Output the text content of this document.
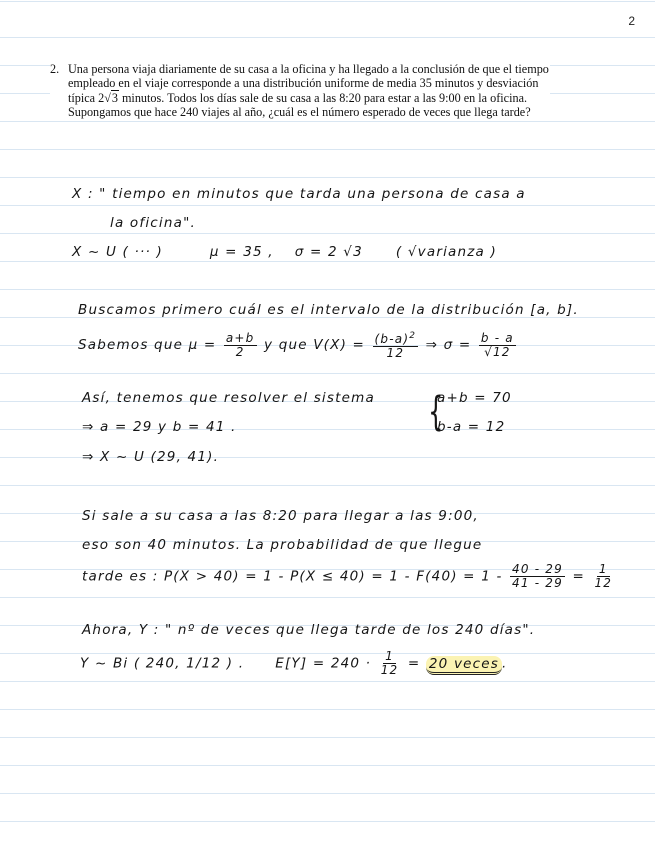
2
2. Una persona viaja diariamente de su casa a la oficina y ha llegado a la conclusión de que el tiempo empleado en el viaje corresponde a una distribución uniforme de media 35 minutos y desviación típica 2√3 minutos. Todos los días sale de su casa a las 8:20 para estar a las 9:00 en la oficina. Supongamos que hace 240 viajes al año, ¿cuál es el número esperado de veces que llega tarde?
X : " tiempo en minutos que tarda una persona de casa a
la oficina".
X ~ U ( ··· )	μ = 35 , σ = 2 √3 ( √varianza )
Buscamos primero cuál es el intervalo de la distribución [a, b].
Sabemos que $\mu = \frac{a+b}{2}$ y que $V(X) = \frac{(b-a)^2}{12}$ ⇒ $\sigma = \frac{b - a}{√12}$
Así, tenemos que resolver el sistema {
a+b = 70
b-a = 12
⇒ a = 29 y b = 41 .
⇒ X ~ U (29, 41).
Si sale a su casa a las 8:20 para llegar a las 9:00,
eso son 40 minutos. La probabilidad de que llegue
tarde es : $P(X > 40) = 1 - P(X \le 40) = 1 - F(40) = 1 - \frac{40 - 29}{41 - 29} = \frac{1}{12}$
Ahora, Y : " nº de veces que llega tarde de los 240 días".
Y ~ Bi ( 240, 1/12 ) . $E[Y] = 240 \cdot \frac{1}{12} = 20$ veces .
